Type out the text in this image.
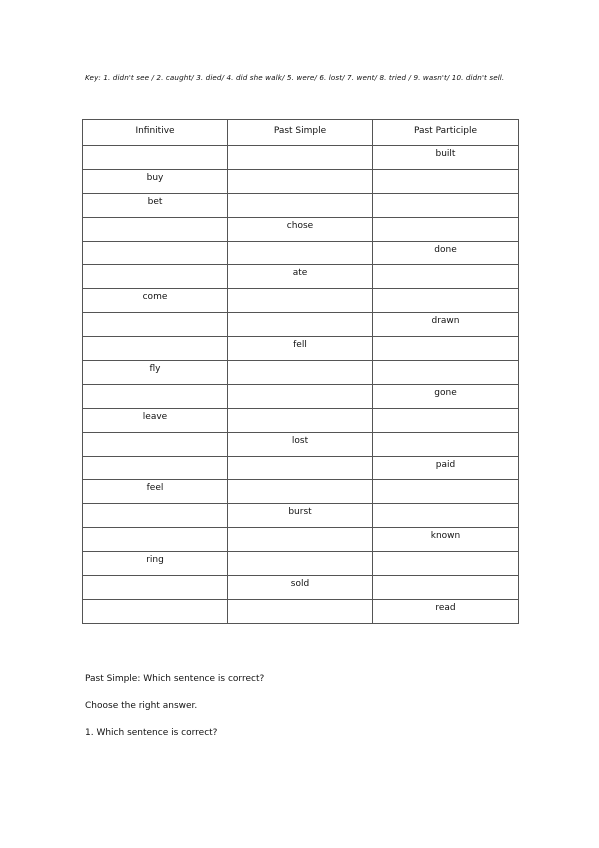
Key: 1. didn't see / 2. caught/ 3. died/ 4. did she walk/ 5. were/ 6. lost/ 7. went/ 8. tried / 9. wasn't/ 10. didn't sell.
Infinitive	Past Simple	Past Participle
		built
buy		
bet		
	chose	
		done
	ate	
come		
		drawn
	fell	
fly		
		gone
leave		
	lost	
		paid
feel		
	burst	
		known
ring		
	sold	
		read
Past Simple: Which sentence is correct?
Choose the right answer.
1. Which sentence is correct?
